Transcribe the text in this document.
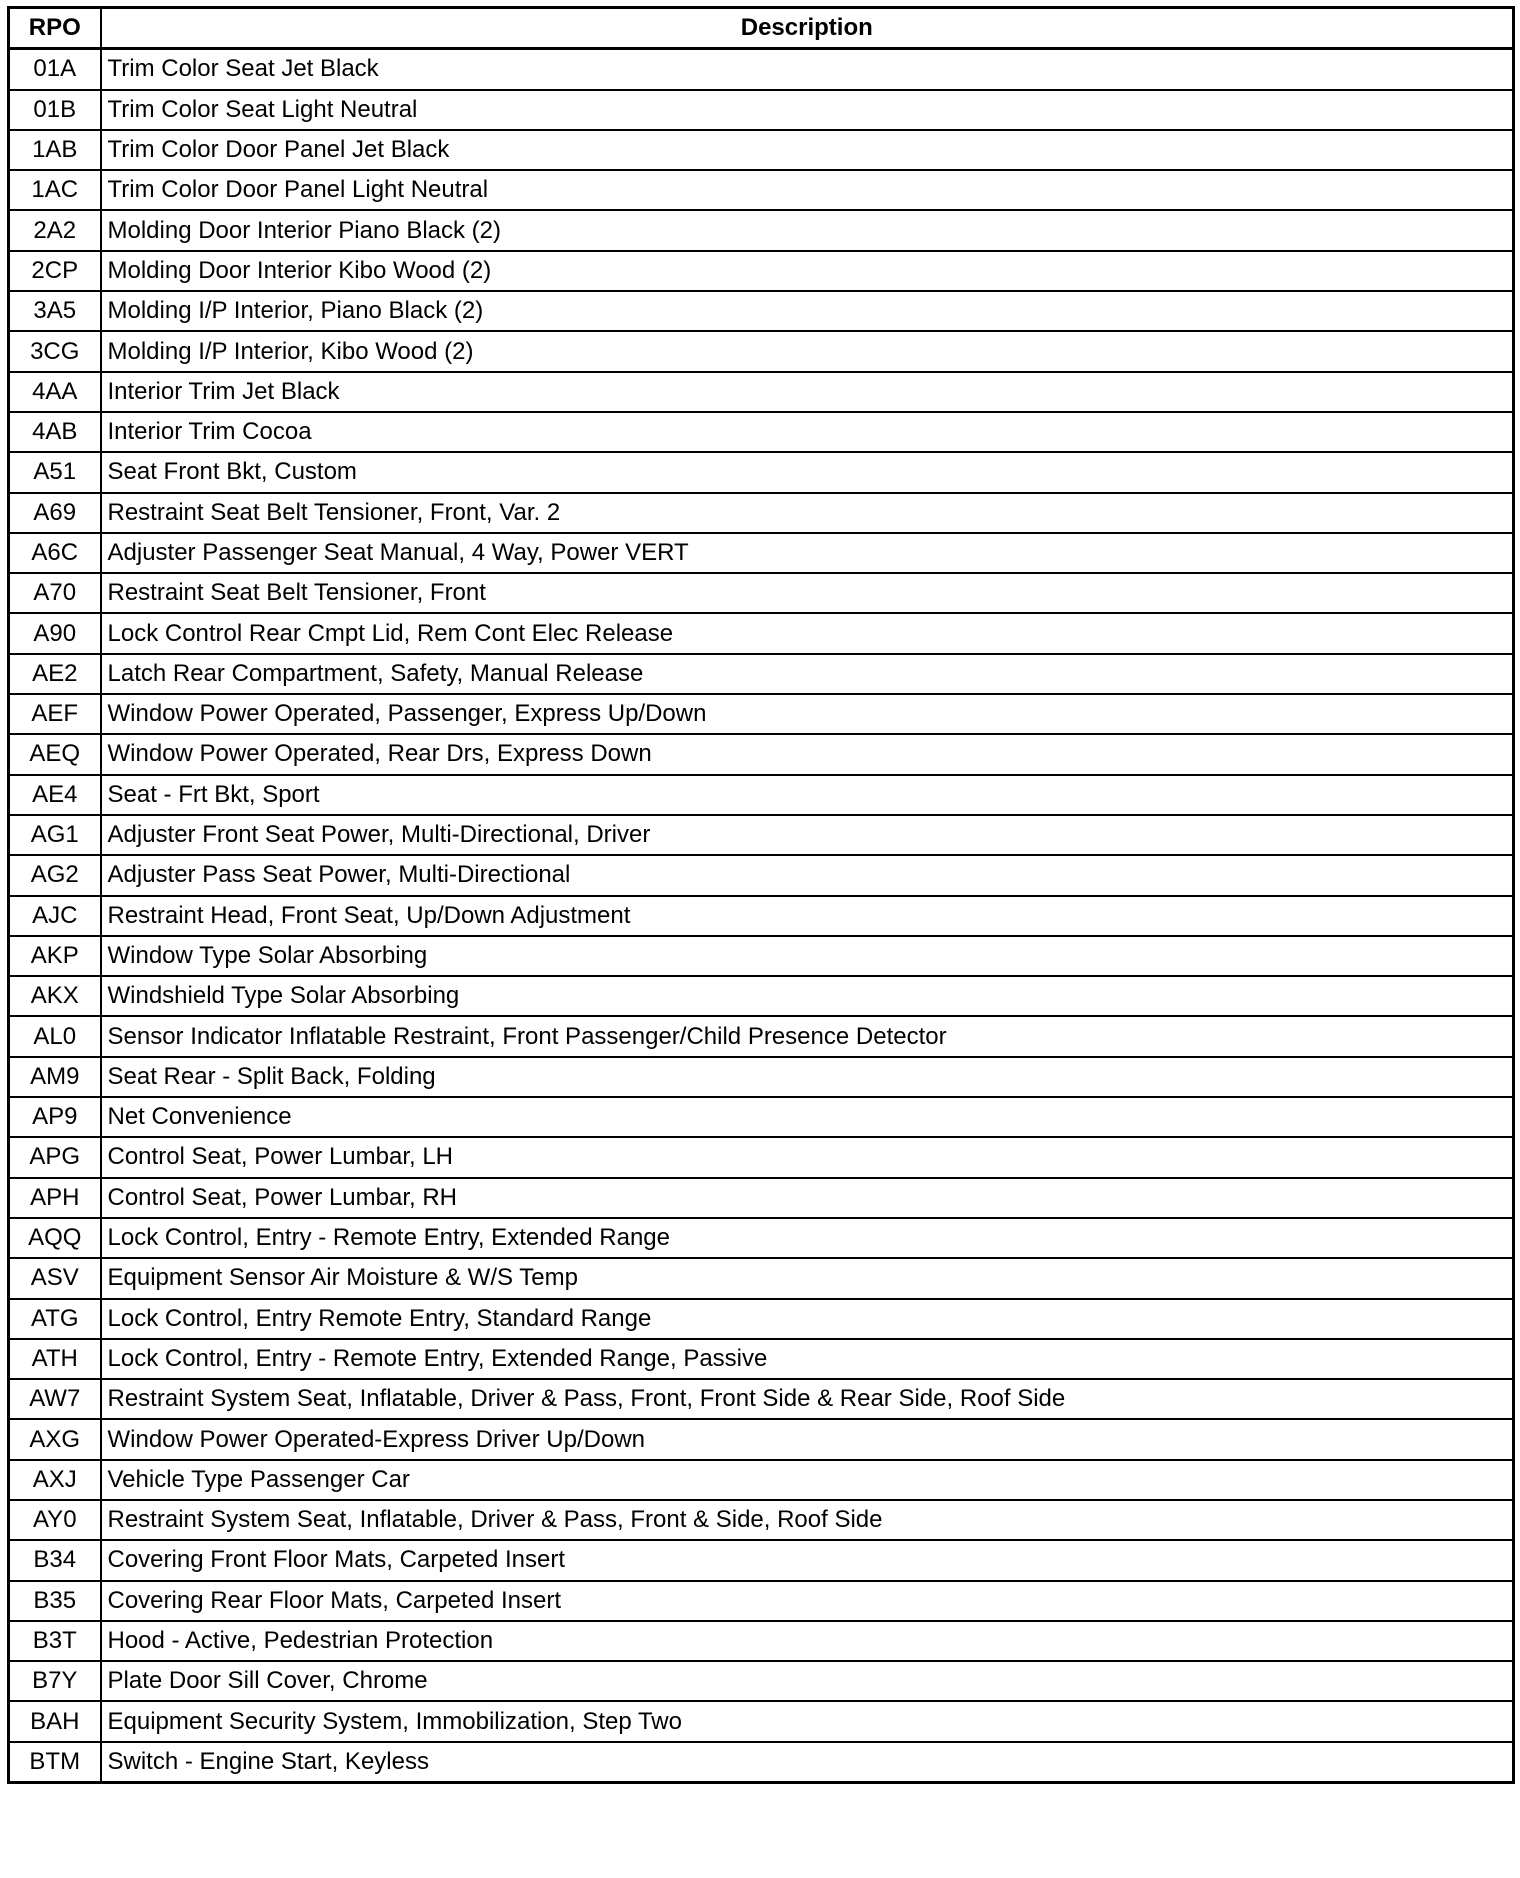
RPO	Description
01A	Trim Color Seat Jet Black
01B	Trim Color Seat Light Neutral
1AB	Trim Color Door Panel Jet Black
1AC	Trim Color Door Panel Light Neutral
2A2	Molding Door Interior Piano Black (2)
2CP	Molding Door Interior Kibo Wood (2)
3A5	Molding I/P Interior, Piano Black (2)
3CG	Molding I/P Interior, Kibo Wood (2)
4AA	Interior Trim Jet Black
4AB	Interior Trim Cocoa
A51	Seat Front Bkt, Custom
A69	Restraint Seat Belt Tensioner, Front, Var. 2
A6C	Adjuster Passenger Seat Manual, 4 Way, Power VERT
A70	Restraint Seat Belt Tensioner, Front
A90	Lock Control Rear Cmpt Lid, Rem Cont Elec Release
AE2	Latch Rear Compartment, Safety, Manual Release
AEF	Window Power Operated, Passenger, Express Up/Down
AEQ	Window Power Operated, Rear Drs, Express Down
AE4	Seat - Frt Bkt, Sport
AG1	Adjuster Front Seat Power, Multi-Directional, Driver
AG2	Adjuster Pass Seat Power, Multi-Directional
AJC	Restraint Head, Front Seat, Up/Down Adjustment
AKP	Window Type Solar Absorbing
AKX	Windshield Type Solar Absorbing
AL0	Sensor Indicator Inflatable Restraint, Front Passenger/Child Presence Detector
AM9	Seat Rear - Split Back, Folding
AP9	Net Convenience
APG	Control Seat, Power Lumbar, LH
APH	Control Seat, Power Lumbar, RH
AQQ	Lock Control, Entry - Remote Entry, Extended Range
ASV	Equipment Sensor Air Moisture & W/S Temp
ATG	Lock Control, Entry Remote Entry, Standard Range
ATH	Lock Control, Entry - Remote Entry, Extended Range, Passive
AW7	Restraint System Seat, Inflatable, Driver & Pass, Front, Front Side & Rear Side, Roof Side
AXG	Window Power Operated-Express Driver Up/Down
AXJ	Vehicle Type Passenger Car
AY0	Restraint System Seat, Inflatable, Driver & Pass, Front & Side, Roof Side
B34	Covering Front Floor Mats, Carpeted Insert
B35	Covering Rear Floor Mats, Carpeted Insert
B3T	Hood - Active, Pedestrian Protection
B7Y	Plate Door Sill Cover, Chrome
BAH	Equipment Security System, Immobilization, Step Two
BTM	Switch - Engine Start, Keyless
